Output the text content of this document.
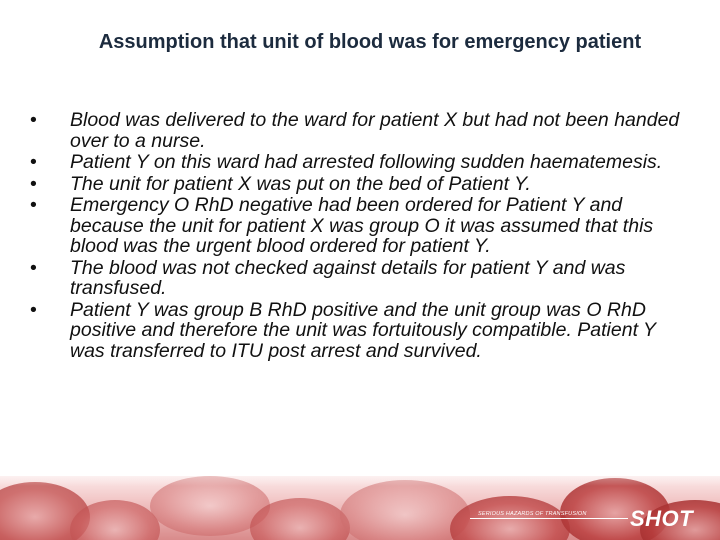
Assumption that unit of blood was for emergency patient
• Blood was delivered to the ward for patient X but had not been handed over to a nurse.
• Patient Y on this ward had arrested following sudden haematemesis.
• The unit for patient X was put on the bed of Patient Y.
• Emergency O RhD negative had been ordered for Patient Y and because the unit for patient X was group O it was assumed that this blood was the urgent blood ordered for patient Y.
• The blood was not checked against details for patient Y and was transfused.
• Patient Y was group B RhD positive and the unit group was O RhD positive and therefore the unit was fortuitously compatible. Patient Y was transferred to ITU post arrest and survived.
SERIOUS HAZARDS OF TRANSFUSION SHOT
